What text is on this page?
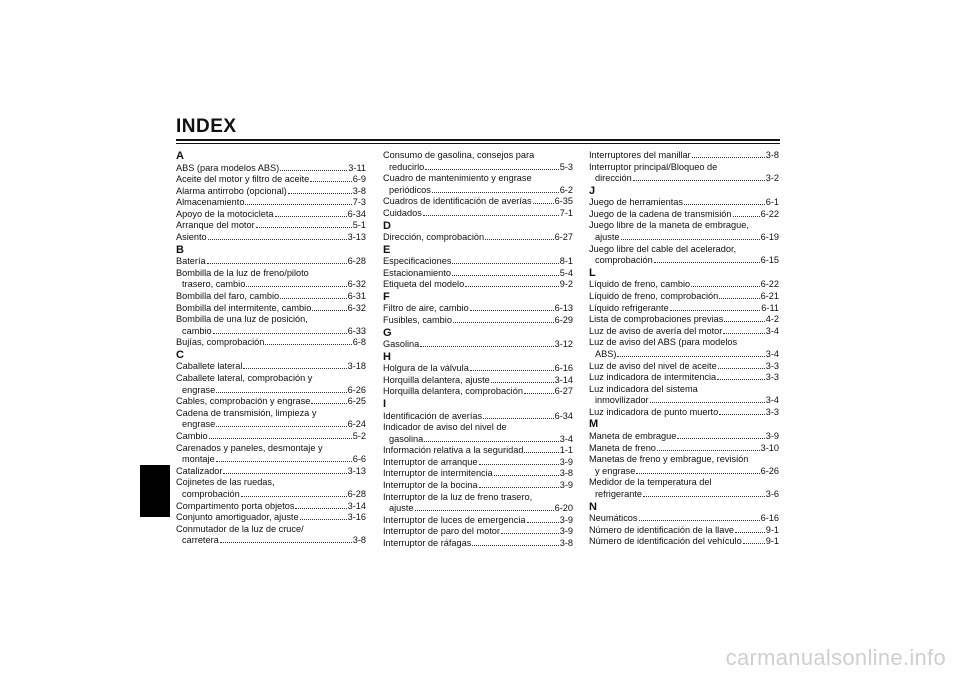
INDEX
A
ABS (para modelos ABS)	3-11
Aceite del motor y filtro de aceite	6-9
Alarma antirrobo (opcional)	3-8
Almacenamiento	7-3
Apoyo de la motocicleta	6-34
Arranque del motor	5-1
Asiento	3-13
B
Batería	6-28
Bombilla de la luz de freno/piloto
trasero, cambio	6-32
Bombilla del faro, cambio	6-31
Bombilla del intermitente, cambio	6-32
Bombilla de una luz de posición,
cambio	6-33
Bujías, comprobación	6-8
C
Caballete lateral	3-18
Caballete lateral, comprobación y
engrase	6-26
Cables, comprobación y engrase	6-25
Cadena de transmisión, limpieza y
engrase	6-24
Cambio	5-2
Carenados y paneles, desmontaje y
montaje	6-6
Catalizador	3-13
Cojinetes de las ruedas,
comprobación	6-28
Compartimento porta objetos	3-14
Conjunto amortiguador, ajuste	3-16
Conmutador de la luz de cruce/
carretera	3-8
Consumo de gasolina, consejos para
reducirlo	5-3
Cuadro de mantenimiento y engrase
periódicos	6-2
Cuadros de identificación de averías 6-35
Cuidados	7-1
D
Dirección, comprobación	6-27
E
Especificaciones	8-1
Estacionamiento	5-4
Etiqueta del modelo	9-2
F
Filtro de aire, cambio	6-13
Fusibles, cambio	6-29
G
Gasolina	3-12
H
Holgura de la válvula	6-16
Horquilla delantera, ajuste	3-14
Horquilla delantera, comprobación	6-27
I
Identificación de averías	6-34
Indicador de aviso del nivel de
gasolina	3-4
Información relativa a la seguridad	1-1
Interruptor de arranque	3-9
Interruptor de intermitencia	3-8
Interruptor de la bocina	3-9
Interruptor de la luz de freno trasero,
ajuste	6-20
Interruptor de luces de emergencia	3-9
Interruptor de paro del motor	3-9
Interruptor de ráfagas	3-8
Interruptores del manillar	3-8
Interruptor principal/Bloqueo de
dirección	3-2
J
Juego de herramientas	6-1
Juego de la cadena de transmisión	6-22
Juego libre de la maneta de embrague,
ajuste	6-19
Juego libre del cable del acelerador,
comprobación	6-15
L
Líquido de freno, cambio	6-22
Líquido de freno, comprobación	6-21
Líquido refrigerante	6-11
Lista de comprobaciones previas	4-2
Luz de aviso de avería del motor	3-4
Luz de aviso del ABS (para modelos
ABS)	3-4
Luz de aviso del nivel de aceite	3-3
Luz indicadora de intermitencia	3-3
Luz indicadora del sistema
inmovilizador	3-4
Luz indicadora de punto muerto	3-3
M
Maneta de embrague	3-9
Maneta de freno	3-10
Manetas de freno y embrague, revisión
y engrase	6-26
Medidor de la temperatura del
refrigerante	3-6
N
Neumáticos	6-16
Número de identificación de la llave	9-1
Número de identificación del vehículo	9-1
carmanualsonline.info
